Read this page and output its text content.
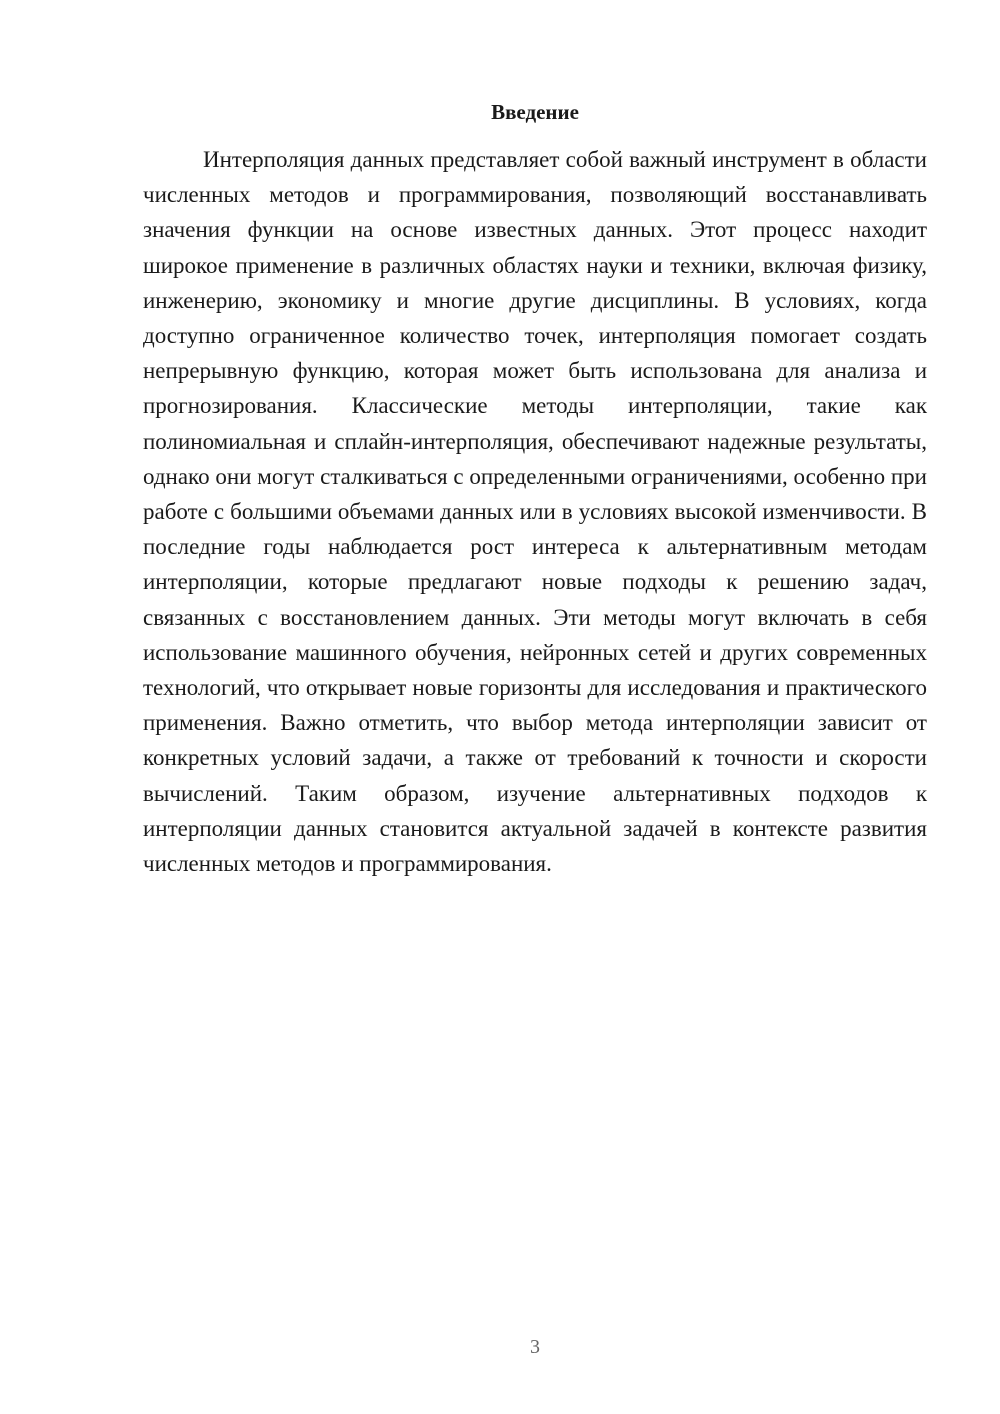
Введение

Интерполяция данных представляет собой важный инструмент в области численных методов и программирования, позволяющий восстанавливать значения функции на основе известных данных. Этот процесс находит широкое применение в различных областях науки и техники, включая физику, инженерию, экономику и многие другие дисциплины. В условиях, когда доступно ограниченное количество точек, интерполяция помогает создать непрерывную функцию, которая может быть использована для анализа и прогнозирования. Классические методы интерполяции, такие как полиномиальная и сплайн-интерполяция, обеспечивают надежные результаты, однако они могут сталкиваться с определенными ограничениями, особенно при работе с большими объемами данных или в условиях высокой изменчивости. В последние годы наблюдается рост интереса к альтернативным методам интерполяции, которые предлагают новые подходы к решению задач, связанных с восстановлением данных. Эти методы могут включать в себя использование машинного обучения, нейронных сетей и других современных технологий, что открывает новые горизонты для исследования и практического применения. Важно отметить, что выбор метода интерполяции зависит от конкретных условий задачи, а также от требований к точности и скорости вычислений. Таким образом, изучение альтернативных подходов к интерполяции данных становится актуальной задачей в контексте развития численных методов и программирования.

3
